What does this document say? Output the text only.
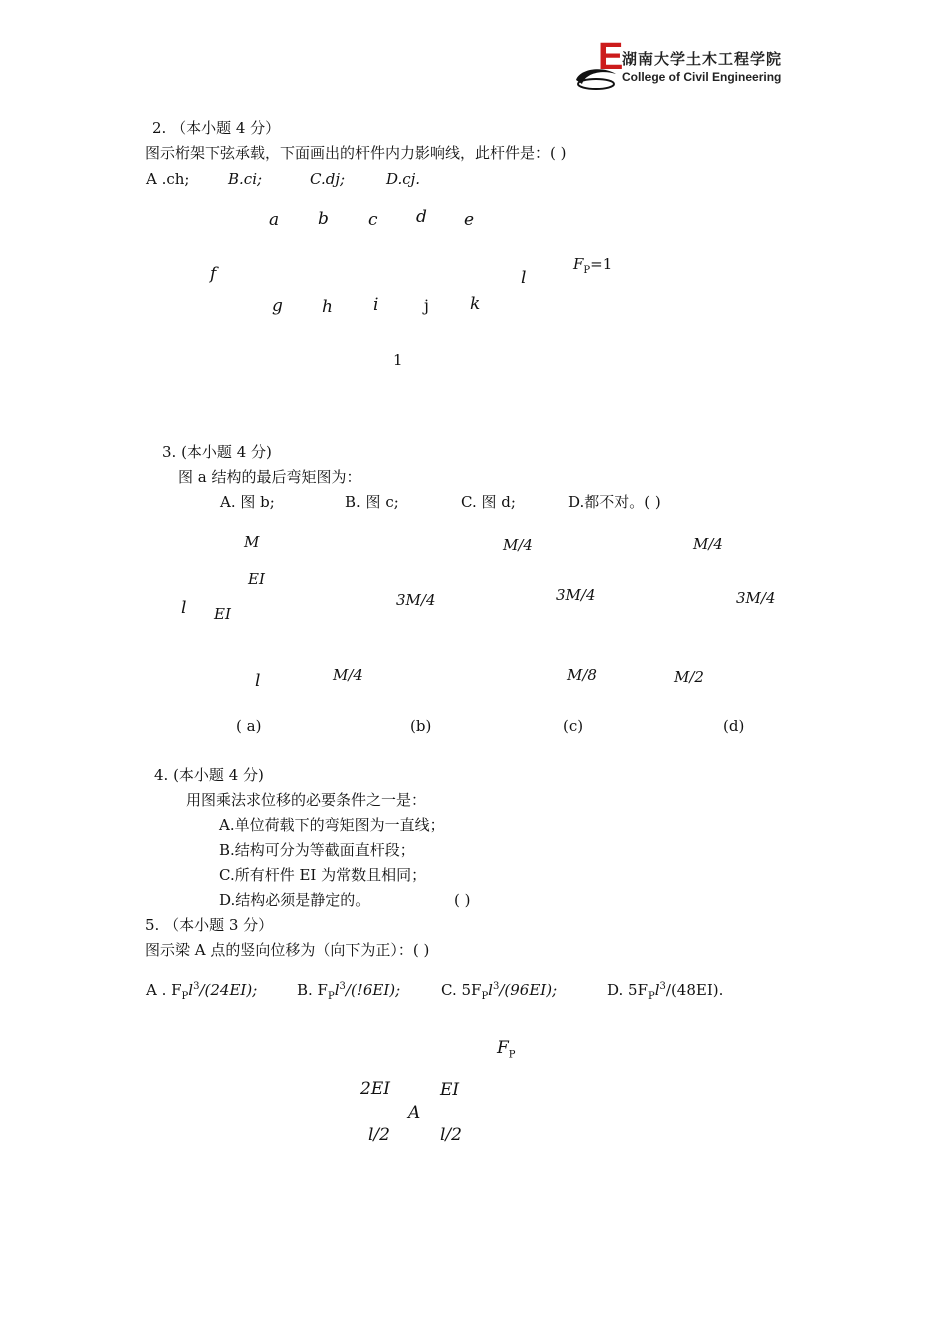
E
湖南大学土木工程学院
College of Civil Engineering
2. （本小题 4 分）
图示桁架下弦承载，下面画出的杆件内力影响线，此杆件是：( )
A .ch;	B.ci;	C.dj;	D.cj.
a b c d e
f	l
$F_P=1$
g h i	j k
1
3. (本小题 4 分)
图 a 结构的最后弯矩图为：
A. 图 b;	B. 图 c;	C. 图 d;	D.都不对。( )
M
EI
l EI
l	M/4
3M/4
M/4
3M/4
M/8
M/4
M/2
3M/4
( a)	(b)	(c)	(d)
4. (本小题 4 分)
用图乘法求位移的必要条件之一是：
A.单位荷载下的弯矩图为一直线；
B.结构可分为等截面直杆段；
C.所有杆件 EI 为常数且相同；
D.结构必须是静定的。	( )
5. （本小题 3 分）
图示梁 A 点的竖向位移为（向下为正）：( )
A . $F_Pl^3/(24EI)$;	B. $F_Pl^3/(!6EI)$;	C. $5F_Pl^3/(96EI)$;	D. $5F_Pl^3/(48EI)$.
$F_P$
2EI	EI
A
l/2	l/2
